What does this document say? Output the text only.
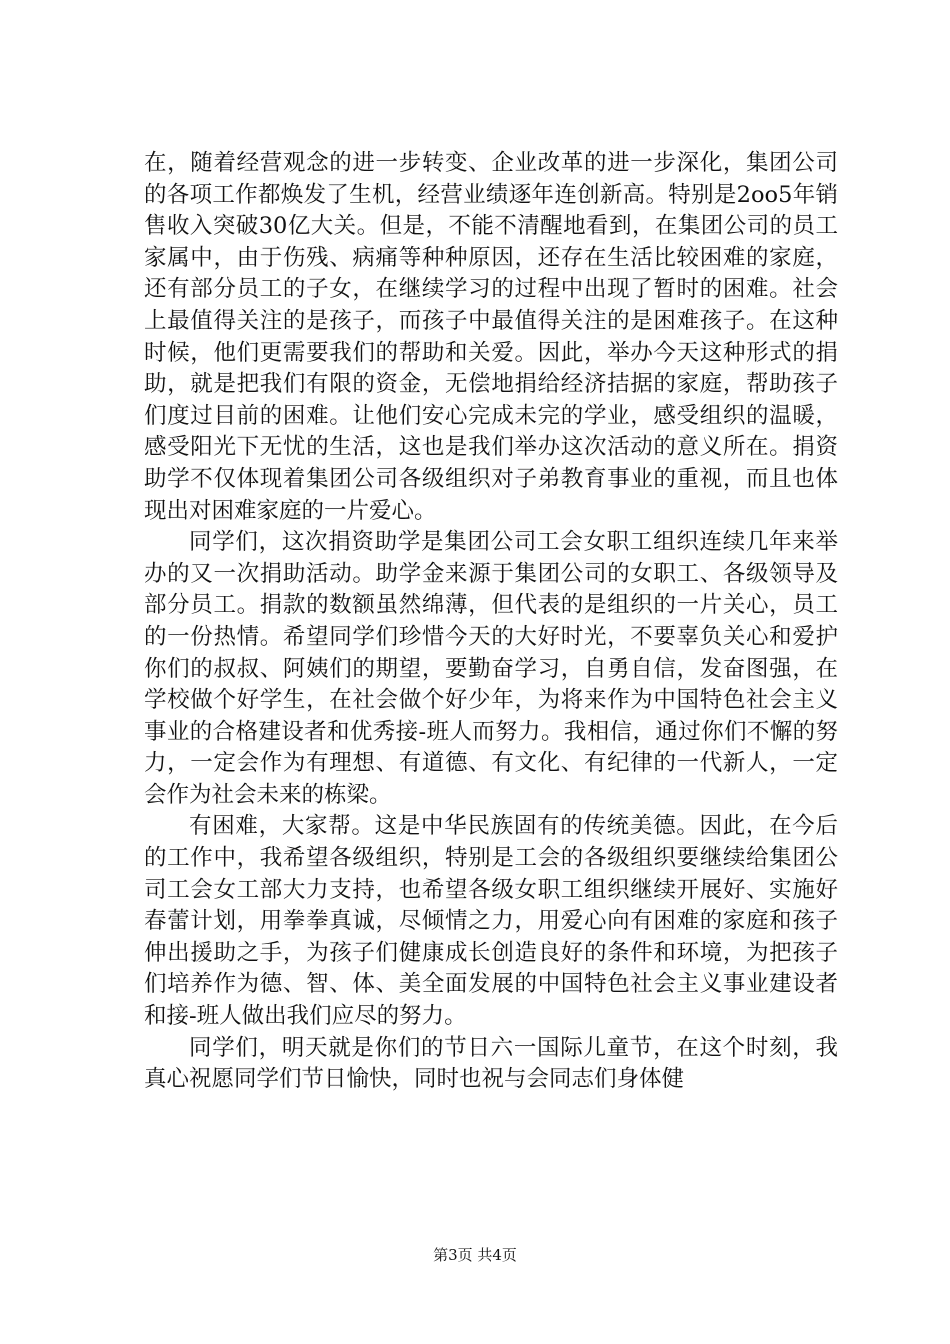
在，随着经营观念的进一步转变、企业改革的进一步深化，集团公司的各项工作都焕发了生机，经营业绩逐年连创新高。特别是2oo5年销售收入突破30亿大关。但是，不能不清醒地看到，在集团公司的员工家属中，由于伤残、病痛等种种原因，还存在生活比较困难的家庭，还有部分员工的子女，在继续学习的过程中出现了暂时的困难。社会上最值得关注的是孩子，而孩子中最值得关注的是困难孩子。在这种时候，他们更需要我们的帮助和关爱。因此，举办今天这种形式的捐助，就是把我们有限的资金，无偿地捐给经济拮据的家庭，帮助孩子们度过目前的困难。让他们安心完成未完的学业，感受组织的温暖，感受阳光下无忧的生活，这也是我们举办这次活动的意义所在。捐资助学不仅体现着集团公司各级组织对子弟教育事业的重视，而且也体现出对困难家庭的一片爱心。

同学们，这次捐资助学是集团公司工会女职工组织连续几年来举办的又一次捐助活动。助学金来源于集团公司的女职工、各级领导及部分员工。捐款的数额虽然绵薄，但代表的是组织的一片关心，员工的一份热情。希望同学们珍惜今天的大好时光，不要辜负关心和爱护你们的叔叔、阿姨们的期望，要勤奋学习，自勇自信，发奋图强，在学校做个好学生，在社会做个好少年，为将来作为中国特色社会主义事业的合格建设者和优秀接-班人而努力。我相信，通过你们不懈的努力，一定会作为有理想、有道德、有文化、有纪律的一代新人，一定会作为社会未来的栋梁。

有困难，大家帮。这是中华民族固有的传统美德。因此，在今后的工作中，我希望各级组织，特别是工会的各级组织要继续给集团公司工会女工部大力支持，也希望各级女职工组织继续开展好、实施好春蕾计划，用拳拳真诚，尽倾情之力，用爱心向有困难的家庭和孩子伸出援助之手，为孩子们健康成长创造良好的条件和环境，为把孩子们培养作为德、智、体、美全面发展的中国特色社会主义事业建设者和接-班人做出我们应尽的努力。

同学们，明天就是你们的节日六一国际儿童节，在这个时刻，我真心祝愿同学们节日愉快，同时也祝与会同志们身体健

第3页 共4页
